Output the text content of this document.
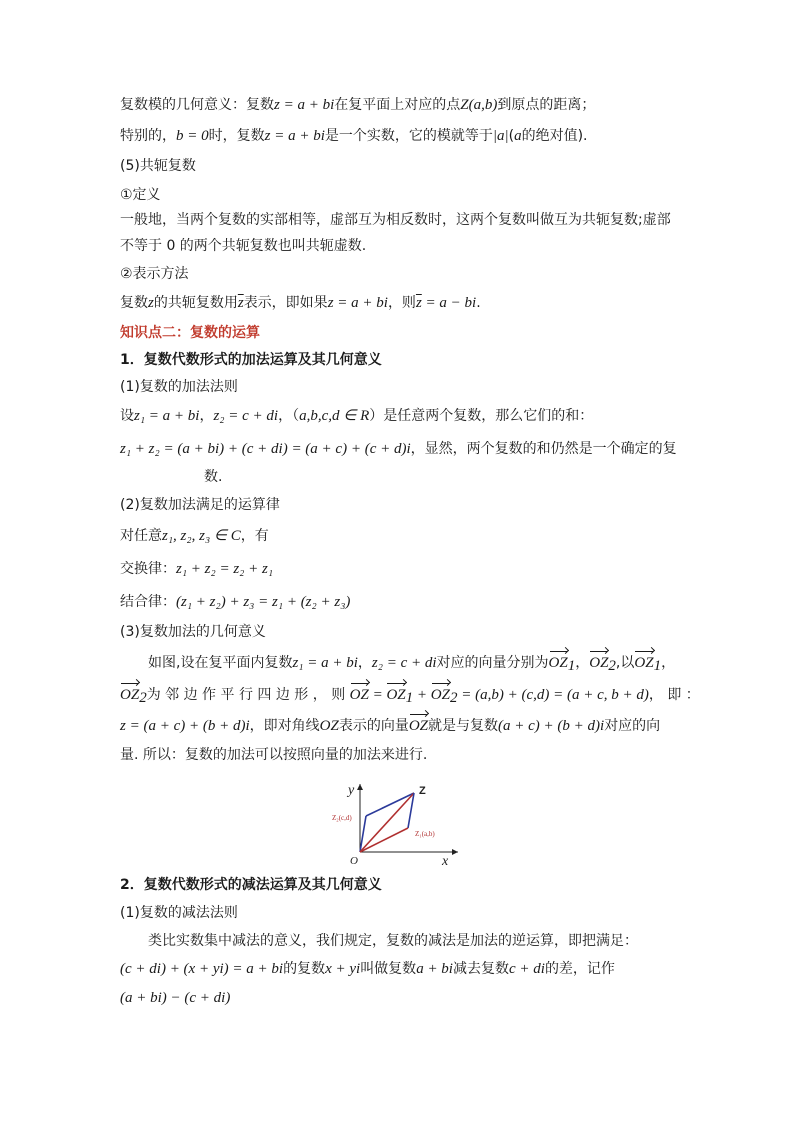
复数模的几何意义：复数z = a + bi在复平面上对应的点Z(a,b)到原点的距离；
特别的，b = 0时，复数z = a + bi是一个实数，它的模就等于|a|(a的绝对值).
(5)共轭复数
①定义
一般地，当两个复数的实部相等，虚部互为相反数时，这两个复数叫做互为共轭复数;虚部
不等于 0 的两个共轭复数也叫共轭虚数.
②表示方法
复数z的共轭复数用$\overline{z}$表示，即如果z = a + bi，则$\overline{z} = a$ − bi.
知识点二：复数的运算
1．复数代数形式的加法运算及其几何意义
(1)复数的加法法则
设z₁ = a + bi，z₂ = c + di，（a,b,c,d ∈ R）是任意两个复数，那么它们的和：
z₁ + z₂ = (a + bi) + (c + di) = (a + c) + (c + d)i，显然，两个复数的和仍然是一个确定的复
数.
(2)复数加法满足的运算律
对任意z₁, z₂, z₃ ∈ C，有
交换律：z₁ + z₂ = z₂ + z₁
结合律：(z₁ + z₂) + z₃ = z₁ + (z₂ + z₃)
(3)复数加法的几何意义
如图,设在复平面内复数z₁ = a + bi，z₂ = c + di对应的向量分别为$OZ_1$，$OZ_2$,以$OZ_1$，
$OZ_2$为 邻 边 作 平 行 四 边 形 ， 则 OZ = $OZ_1 + OZ_2 = (a,b) + (c,d) = (a + c$, b + d)， 即 ：
z = (a + c) + (b + d)i，即对角线OZ表示的向量OZ就是与复数(a + c) + (b + d)i对应的向
量. 所以：复数的加法可以按照向量的加法来进行.
y
x
O
Z
Z₁(a,b)
Z₂(c,d)
2．复数代数形式的减法运算及其几何意义
(1)复数的减法法则
类比实数集中减法的意义，我们规定，复数的减法是加法的逆运算，即把满足：
(c + di) + (x + yi) = a + bi的复数x + yi叫做复数a + bi减去复数c + di的差，记作
(a + bi) − (c + di)
